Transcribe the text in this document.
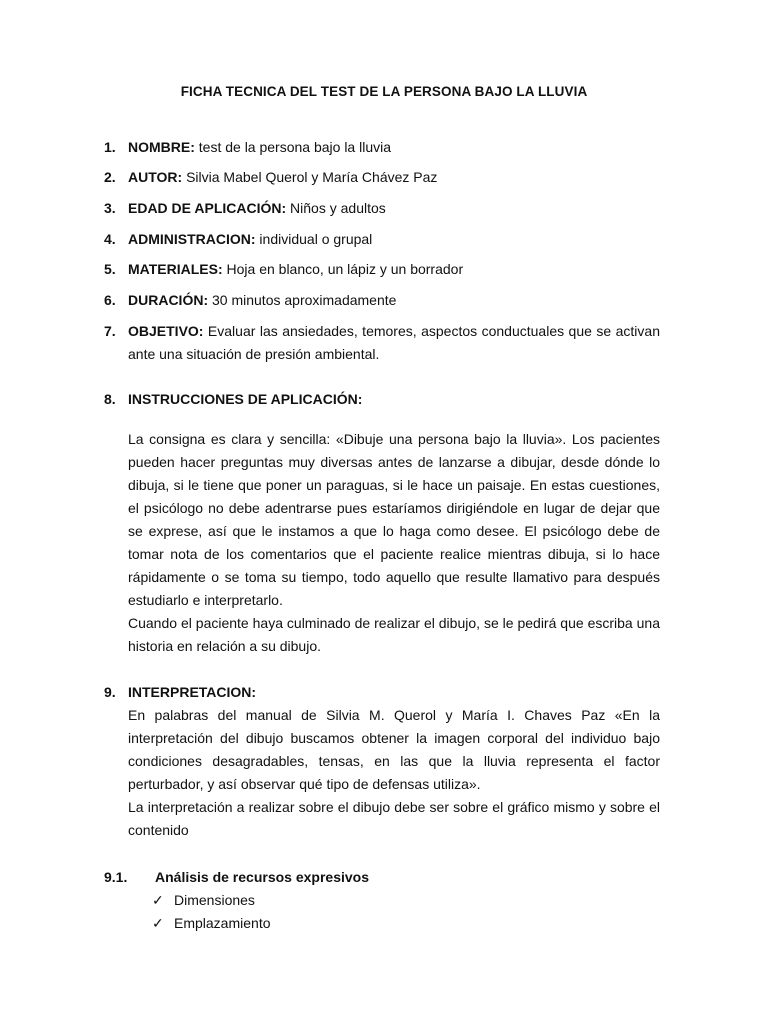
FICHA TECNICA DEL TEST DE LA PERSONA BAJO LA LLUVIA
1. NOMBRE: test de la persona bajo la lluvia
2. AUTOR: Silvia Mabel Querol y María Chávez Paz
3. EDAD DE APLICACIÓN: Niños y adultos
4. ADMINISTRACION: individual o grupal
5. MATERIALES: Hoja en blanco, un lápiz y un borrador
6. DURACIÓN: 30 minutos aproximadamente
7. OBJETIVO: Evaluar las ansiedades, temores, aspectos conductuales que se activan ante una situación de presión ambiental.
8. INSTRUCCIONES DE APLICACIÓN:
La consigna es clara y sencilla: «Dibuje una persona bajo la lluvia». Los pacientes pueden hacer preguntas muy diversas antes de lanzarse a dibujar, desde dónde lo dibuja, si le tiene que poner un paraguas, si le hace un paisaje. En estas cuestiones, el psicólogo no debe adentrarse pues estaríamos dirigiéndole en lugar de dejar que se exprese, así que le instamos a que lo haga como desee. El psicólogo debe de tomar nota de los comentarios que el paciente realice mientras dibuja, si lo hace rápidamente o se toma su tiempo, todo aquello que resulte llamativo para después estudiarlo e interpretarlo.
Cuando el paciente haya culminado de realizar el dibujo, se le pedirá que escriba una historia en relación a su dibujo.
9. INTERPRETACION:
En palabras del manual de Silvia M. Querol y María I. Chaves Paz «En la interpretación del dibujo buscamos obtener la imagen corporal del individuo bajo condiciones desagradables, tensas, en las que la lluvia representa el factor perturbador, y así observar qué tipo de defensas utiliza».
La interpretación a realizar sobre el dibujo debe ser sobre el gráfico mismo y sobre el contenido
9.1. Análisis de recursos expresivos
✓ Dimensiones
✓ Emplazamiento
